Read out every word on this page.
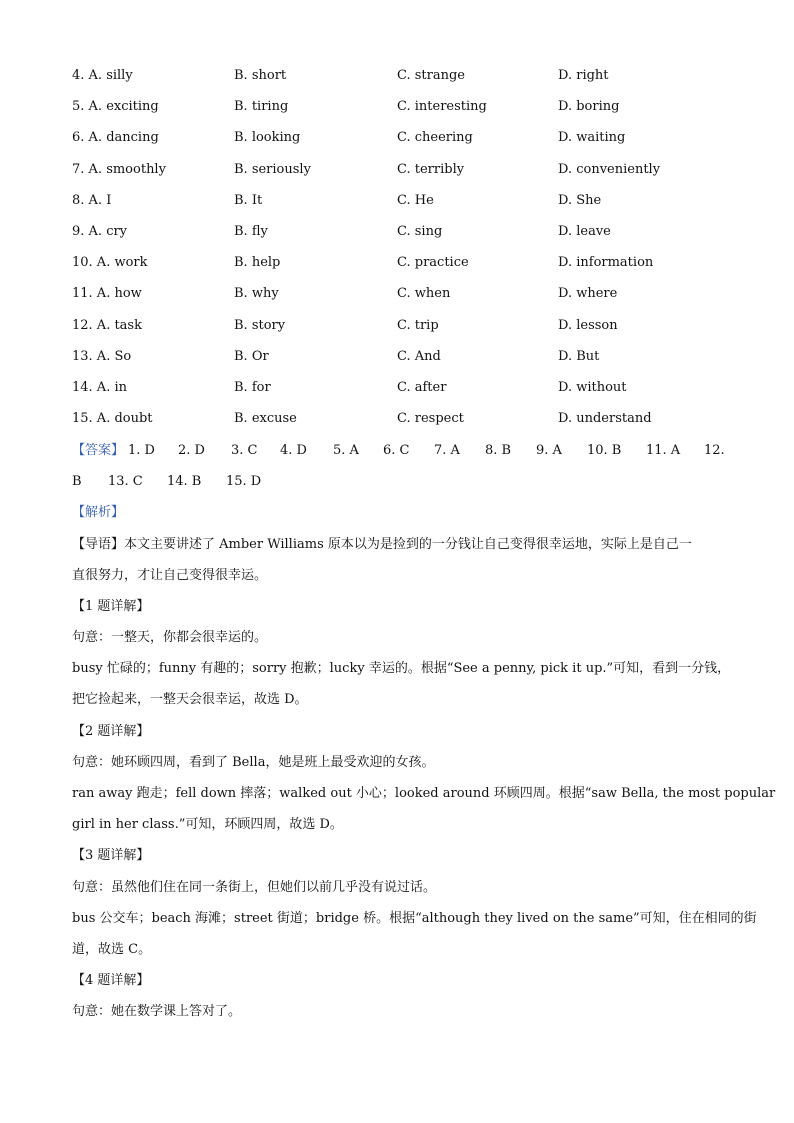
4. A. silly	B. short	C. strange	D. right
5. A. exciting	B. tiring	C. interesting	D. boring
6. A. dancing	B. looking	C. cheering	D. waiting
7. A. smoothly	B. seriously	C. terribly	D. conveniently
8. A. I	B. It	C. He	D. She
9. A. cry	B. fly	C. sing	D. leave
10. A. work	B. help	C. practice	D. information
11. A. how	B. why	C. when	D. where
12. A. task	B. story	C. trip	D. lesson
13. A. So	B. Or	C. And	D. But
14. A. in	B. for	C. after	D. without
15. A. doubt	B. excuse	C. respect	D. understand
【答案】 1. D 2. D 3. C 4. D 5. A 6. C 7. A 8. B 9. A 10. B 11. A 12.
B 13. C 14. B 15. D
【解析】
【导语】本文主要讲述了 Amber Williams 原本以为是捡到的一分钱让自己变得很幸运地，实际上是自己一
直很努力，才让自己变得很幸运。
【1 题详解】
句意：一整天，你都会很幸运的。
busy 忙碌的；funny 有趣的；sorry 抱歉；lucky 幸运的。根据“See a penny, pick it up.”可知，看到一分钱，
把它捡起来，一整天会很幸运，故选 D。
【2 题详解】
句意：她环顾四周，看到了 Bella，她是班上最受欢迎的女孩。
ran away 跑走；fell down 摔落；walked out 小心；looked around 环顾四周。根据“saw Bella, the most popular
girl in her class.”可知，环顾四周，故选 D。
【3 题详解】
句意：虽然他们住在同一条街上，但她们以前几乎没有说过话。
bus 公交车；beach 海滩；street 街道；bridge 桥。根据“although they lived on the same”可知，住在相同的街
道，故选 C。
【4 题详解】
句意：她在数学课上答对了。
